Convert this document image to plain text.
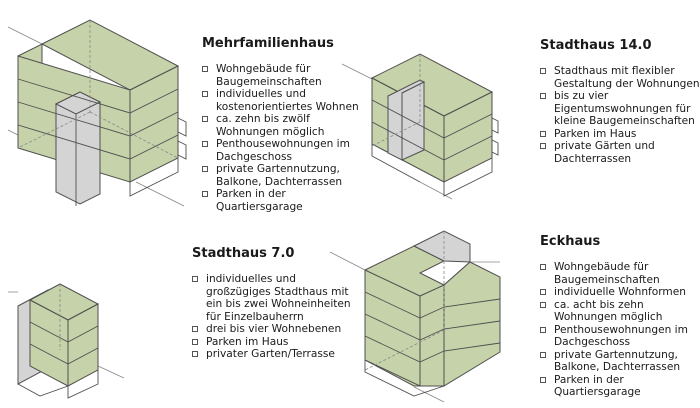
Mehrfamilienhaus
Wohngebäude für
Baugemeinschaften
individuelles und
kostenorientiertes Wohnen
ca. zehn bis zwölf
Wohnungen möglich
Penthousewohnungen im
Dachgeschoss
private Gartennutzung,
Balkone, Dachterrassen
Parken in der
Quartiersgarage
Stadthaus 14.0
Stadthaus mit flexibler
Gestaltung der Wohnungen
bis zu vier
Eigentumswohnungen für
kleine Baugemeinschaften
Parken im Haus
private Gärten und
Dachterrassen
Stadthaus 7.0
individuelles und
großzügiges Stadthaus mit
ein bis zwei Wohneinheiten
für Einzelbauherrn
drei bis vier Wohnebenen
Parken im Haus
privater Garten/Terrasse
Eckhaus
Wohngebäude für
Baugemeinschaften
individuelle Wohnformen
ca. acht bis zehn
Wohnungen möglich
Penthousewohnungen im
Dachgeschoss
private Gartennutzung,
Balkone, Dachterrassen
Parken in der
Quartiersgarage
